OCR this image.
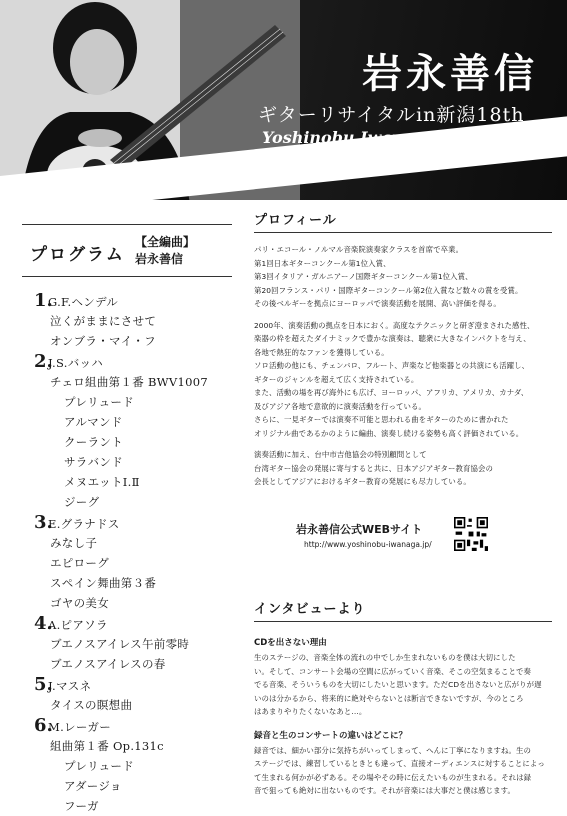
岩永善信
ギターリサイタルin新潟18th
Yoshinobu IwanagaGuitar Recital
プログラム
【全編曲】
岩永善信
1.
G.F.ヘンデル
泣くがままにさせて
オンブラ・マイ・フ
2.
J.S.バッハ
チェロ組曲第１番 BWV1007
プレリュード
アルマンド
クーラント
サラバンド
メヌエットⅠ.Ⅱ
ジーグ
3.
E.グラナドス
みなし子
エピローグ
スペイン舞曲第３番
ゴヤの美女
4.
A.ピアソラ
ブエノスアイレス午前零時
ブエノスアイレスの春
5.
J.マスネ
タイスの瞑想曲
6.
M.レーガー
組曲第１番 Op.131c
プレリュード
アダージョ
フーガ
プロフィール
パリ・エコール・ノルマル音楽院演奏家クラスを首席で卒業。
第1回日本ギターコンクール第1位入賞、
第3回イタリア・ガルニアーノ国際ギターコンクール第1位入賞、
第20回フランス・パリ・国際ギターコンクール第2位入賞など数々の賞を受賞。
その後ベルギーを拠点にヨーロッパで演奏活動を展開、高い評価を得る。
2000年、演奏活動の拠点を日本におく。高度なテクニックと研ぎ澄まされた感性、
楽器の枠を超えたダイナミックで豊かな演奏は、聴衆に大きなインパクトを与え、
各地で熱狂的なファンを獲得している。
ソロ活動の他にも、チェンバロ、フルート、声楽など他楽器との共演にも活躍し、
ギターのジャンルを超えて広く支持されている。
また、活動の場を再び海外にも広げ、ヨーロッパ、アフリカ、アメリカ、カナダ、
及びアジア各地で意欲的に演奏活動を行っている。
さらに、一見ギターでは演奏不可能と思われる曲をギターのために書かれた
オリジナル曲であるかのように編曲、演奏し続ける姿勢も高く評価されている。
演奏活動に加え、台中市吉他協会の特別顧問として
台湾ギター協会の発展に寄与すると共に、日本アジアギター教育協会の
会長としてアジアにおけるギター教育の発展にも尽力している。
岩永善信公式WEBサイト
http://www.yoshinobu-iwanaga.jp/
インタビューより
CDを出さない理由
生のステージの、音楽全体の流れの中でしか生まれないものを僕は大切にした
い。そして、コンサート会場の空間に広がっていく音楽、そこの空気まることで奏
でる音楽、そういうものを大切にしたいと思います。ただCDを出さないと広がりが遅
いのは分かるから、将来的に絶対やらないとは断言できないですが、今のところ
はあまりやりたくないなあと…。
録音と生のコンサートの違いはどこに？
録音では、細かい部分に気持ちがいってしまって、へんに丁寧になりますね。生の
ステージでは、練習しているときとも違って、直接オーディエンスに対することによっ
て生まれる何かが必ずある。その場やその時に伝えたいものが生まれる。それは録
音で狙っても絶対に出ないものです。それが音楽には大事だと僕は感じます。
